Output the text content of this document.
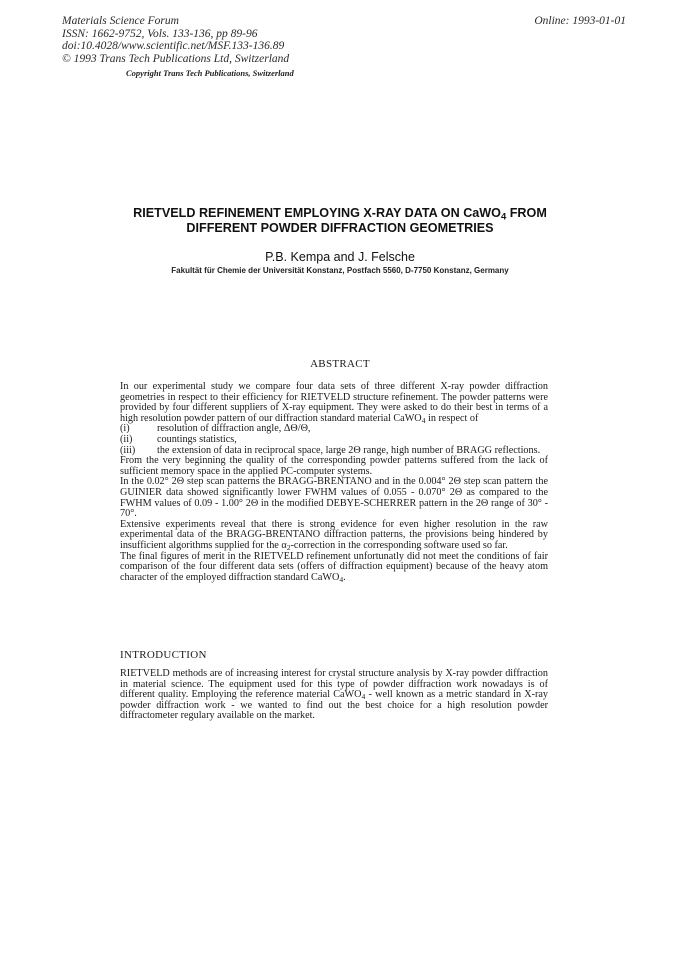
Materials Science Forum
ISSN: 1662-9752, Vols. 133-136, pp 89-96
doi:10.4028/www.scientific.net/MSF.133-136.89
© 1993 Trans Tech Publications Ltd, Switzerland
Online: 1993-01-01
Copyright Trans Tech Publications, Switzerland
RIETVELD REFINEMENT EMPLOYING X-RAY DATA ON CaWO$_4$ FROM
DIFFERENT POWDER DIFFRACTION GEOMETRIES
P.B. Kempa and J. Felsche
Fakultät für Chemie der Universität Konstanz, Postfach 5560, D-7750 Konstanz, Germany
ABSTRACT

In our experimental study we compare four data sets of three different X-ray powder diffraction geometries in respect to their efficiency for RIETVELD structure refinement. The powder patterns were provided by four different suppliers of X-ray equipment. They were asked to do their best in terms of a high resolution powder pattern of our diffraction standard material CaWO$_4$ in respect of

(i)	resolution of diffraction angle, ΔΘ/Θ,
(ii)	countings statistics,
(iii)	the extension of data in reciprocal space, large 2Θ range, high number of BRAGG reflections.

From the very beginning the quality of the corresponding powder patterns suffered from the lack of sufficient memory space in the applied PC-computer systems.

In the 0.02° 2Θ step scan patterns the BRAGG-BRENTANO and in the 0.004° 2Θ step scan pattern the GUINIER data showed significantly lower FWHM values of 0.055 - 0.070° 2Θ as compared to the FWHM values of 0.09 - 1.00° 2Θ in the modified DEBYE-SCHERRER pattern in the 2Θ range of 30° - 70°.

Extensive experiments reveal that there is strong evidence for even higher resolution in the raw experimental data of the BRAGG-BRENTANO diffraction patterns, the provisions being hindered by insufficient algorithms supplied for the $\alpha_2$-correction in the corresponding software used so far.

The final figures of merit in the RIETVELD refinement unfortunatly did not meet the conditions of fair comparison of the four different data sets (offers of diffraction equipment) because of the heavy atom character of the employed diffraction standard CaWO$_4$.

INTRODUCTION

RIETVELD methods are of increasing interest for crystal structure analysis by X-ray powder diffraction in material science. The equipment used for this type of powder diffraction work nowadays is of different quality. Employing the reference material CaWO$_4$ - well known as a metric standard in X-ray powder diffraction work - we wanted to find out the best choice for a high resolution powder diffractometer regulary available on the market.
